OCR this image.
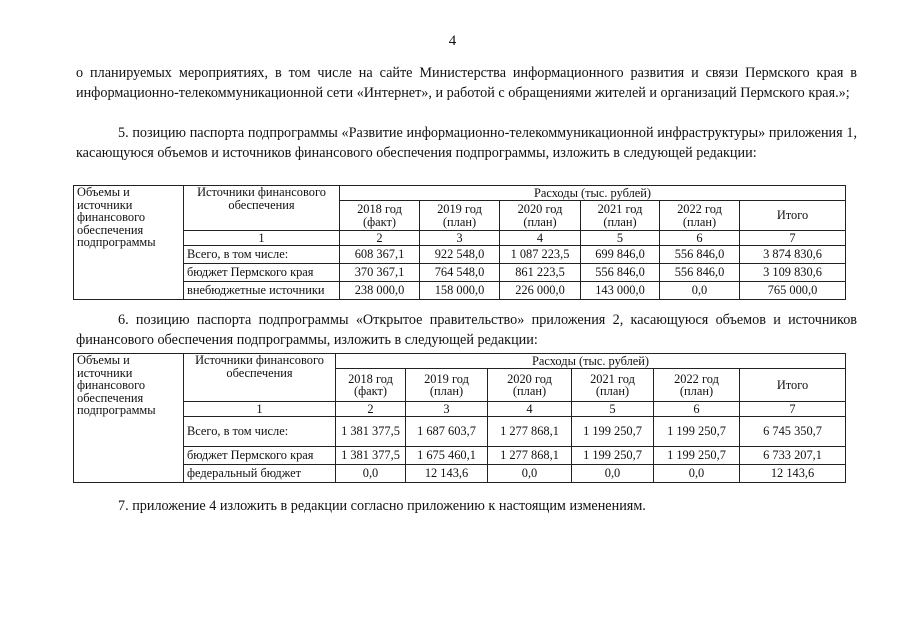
4

о планируемых мероприятиях, в том числе на сайте Министерства информационного развития и связи Пермского края в информационно-телекоммуникационной сети «Интернет», и работой с обращениями жителей и организаций Пермского края.»;

5. позицию паспорта подпрограммы «Развитие информационно-телекоммуникационной инфраструктуры» приложения 1, касающуюся объемов и источников финансового обеспечения подпрограммы, изложить в следующей редакции:

Объемы и источники финансового обеспечения подпрограммы	Источники финансового обеспечения	Расходы (тыс. рублей)					
		2018 год (факт)	2019 год (план)	2020 год (план)	2021 год (план)	2022 год (план)	Итого
	1	2	3	4	5	6	7
	Всего, в том числе:	608 367,1	922 548,0	1 087 223,5	699 846,0	556 846,0	3 874 830,6
	бюджет Пермского края	370 367,1	764 548,0	861 223,5	556 846,0	556 846,0	3 109 830,6
	внебюджетные источники	238 000,0	158 000,0	226 000,0	143 000,0	0,0	765 000,0

6. позицию паспорта подпрограммы «Открытое правительство» приложения 2, касающуюся объемов и источников финансового обеспечения подпрограммы, изложить в следующей редакции:

Объемы и источники финансового обеспечения подпрограммы	Источники финансового обеспечения	Расходы (тыс. рублей)					
		2018 год (факт)	2019 год (план)	2020 год (план)	2021 год (план)	2022 год (план)	Итого
	1	2	3	4	5	6	7
	Всего, в том числе:	1 381 377,5	1 687 603,7	1 277 868,1	1 199 250,7	1 199 250,7	6 745 350,7
	бюджет Пермского края	1 381 377,5	1 675 460,1	1 277 868,1	1 199 250,7	1 199 250,7	6 733 207,1
	федеральный бюджет	0,0	12 143,6	0,0	0,0	0,0	12 143,6

7. приложение 4 изложить в редакции согласно приложению к настоящим изменениям.
